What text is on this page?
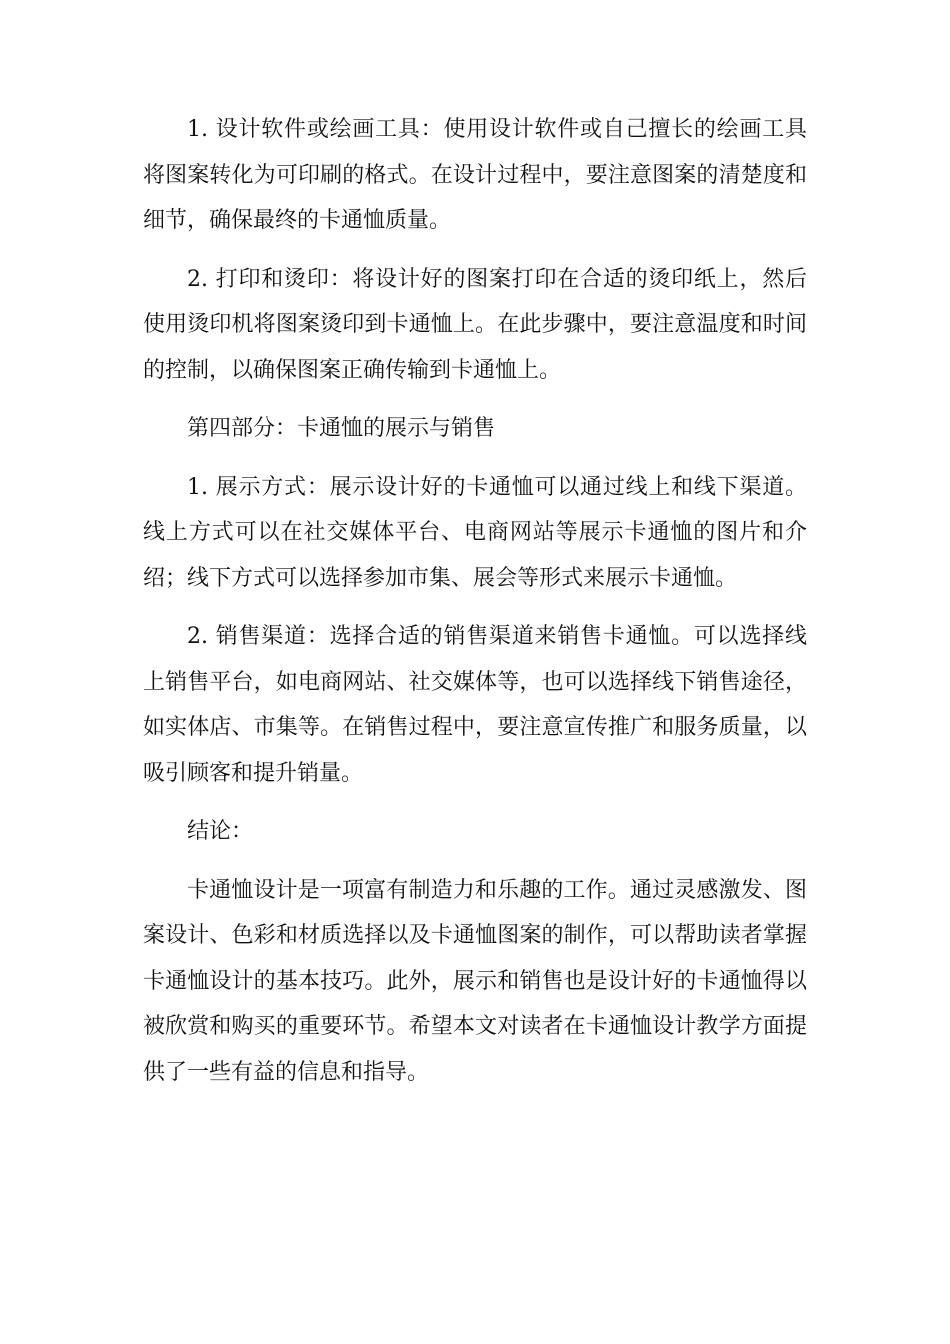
1. 设计软件或绘画工具：使用设计软件或自己擅长的绘画工具将图案转化为可印刷的格式。在设计过程中，要注意图案的清楚度和细节，确保最终的卡通恤质量。

2. 打印和烫印：将设计好的图案打印在合适的烫印纸上，然后使用烫印机将图案烫印到卡通恤上。在此步骤中，要注意温度和时间的控制，以确保图案正确传输到卡通恤上。

第四部分：卡通恤的展示与销售

1. 展示方式：展示设计好的卡通恤可以通过线上和线下渠道。线上方式可以在社交媒体平台、电商网站等展示卡通恤的图片和介绍；线下方式可以选择参加市集、展会等形式来展示卡通恤。

2. 销售渠道：选择合适的销售渠道来销售卡通恤。可以选择线上销售平台，如电商网站、社交媒体等，也可以选择线下销售途径，如实体店、市集等。在销售过程中，要注意宣传推广和服务质量，以吸引顾客和提升销量。

结论：

卡通恤设计是一项富有制造力和乐趣的工作。通过灵感激发、图案设计、色彩和材质选择以及卡通恤图案的制作，可以帮助读者掌握卡通恤设计的基本技巧。此外，展示和销售也是设计好的卡通恤得以被欣赏和购买的重要环节。希望本文对读者在卡通恤设计教学方面提供了一些有益的信息和指导。
